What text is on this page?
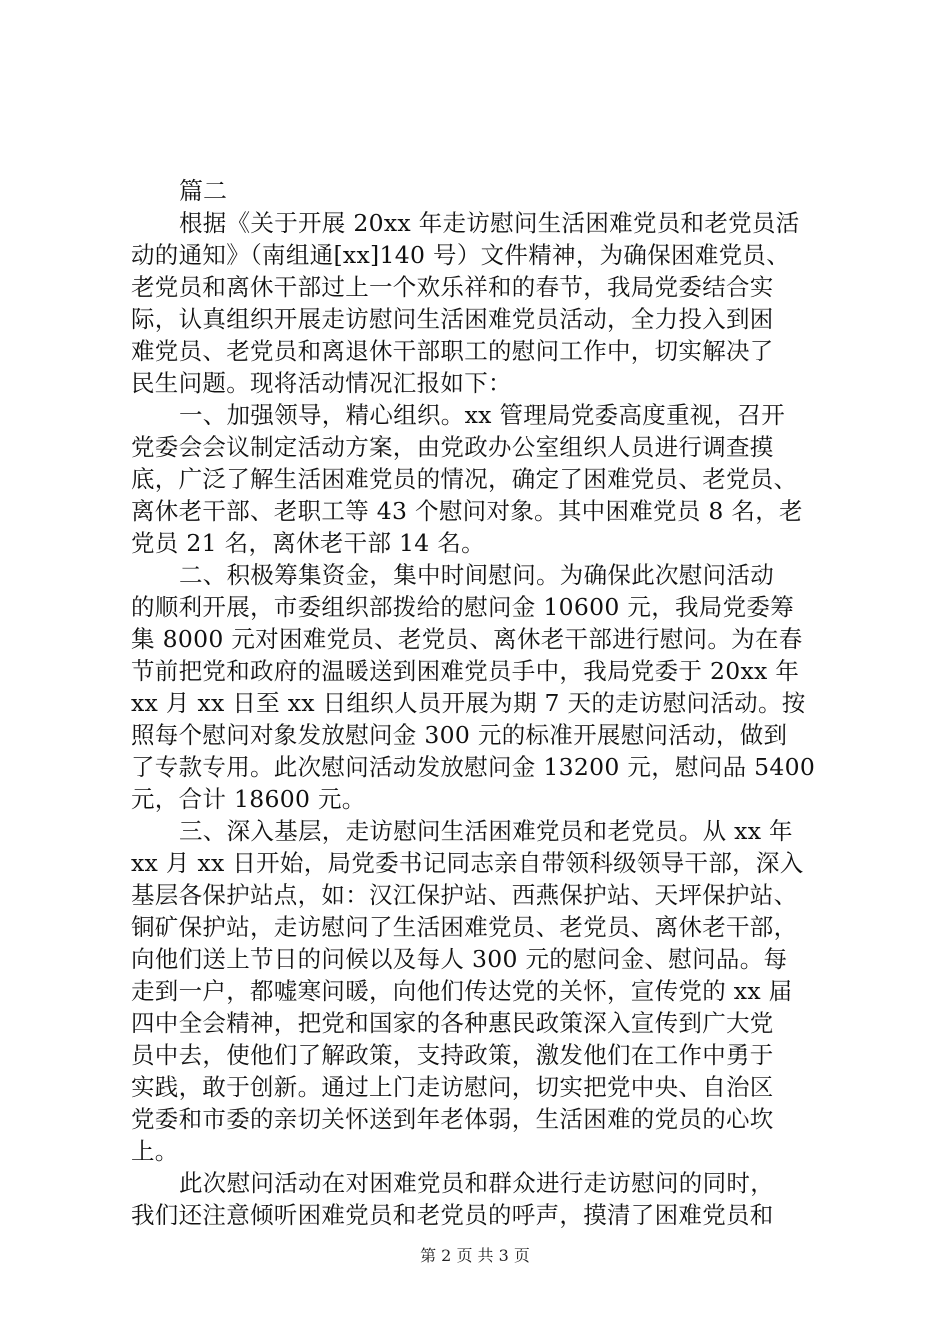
篇二
根据《关于开展 20xx 年走访慰问生活困难党员和老党员活
动的通知》（南组通[xx]140 号）文件精神，为确保困难党员、
老党员和离休干部过上一个欢乐祥和的春节，我局党委结合实
际，认真组织开展走访慰问生活困难党员活动，全力投入到困
难党员、老党员和离退休干部职工的慰问工作中，切实解决了
民生问题。现将活动情况汇报如下：
一、加强领导，精心组织。xx 管理局党委高度重视，召开
党委会会议制定活动方案，由党政办公室组织人员进行调查摸
底，广泛了解生活困难党员的情况，确定了困难党员、老党员、
离休老干部、老职工等 43 个慰问对象。其中困难党员 8 名，老
党员 21 名，离休老干部 14 名。
二、积极筹集资金，集中时间慰问。为确保此次慰问活动
的顺利开展，市委组织部拨给的慰问金 10600 元，我局党委筹
集 8000 元对困难党员、老党员、离休老干部进行慰问。为在春
节前把党和政府的温暖送到困难党员手中，我局党委于 20xx 年
xx 月 xx 日至 xx 日组织人员开展为期 7 天的走访慰问活动。按
照每个慰问对象发放慰问金 300 元的标准开展慰问活动，做到
了专款专用。此次慰问活动发放慰问金 13200 元，慰问品 5400
元，合计 18600 元。
三、深入基层，走访慰问生活困难党员和老党员。从 xx 年
xx 月 xx 日开始，局党委书记同志亲自带领科级领导干部，深入
基层各保护站点，如：汉江保护站、西燕保护站、天坪保护站、
铜矿保护站，走访慰问了生活困难党员、老党员、离休老干部，
向他们送上节日的问候以及每人 300 元的慰问金、慰问品。每
走到一户，都嘘寒问暖，向他们传达党的关怀，宣传党的 xx 届
四中全会精神，把党和国家的各种惠民政策深入宣传到广大党
员中去，使他们了解政策，支持政策，激发他们在工作中勇于
实践，敢于创新。通过上门走访慰问，切实把党中央、自治区
党委和市委的亲切关怀送到年老体弱，生活困难的党员的心坎
上。
此次慰问活动在对困难党员和群众进行走访慰问的同时，
我们还注意倾听困难党员和老党员的呼声，摸清了困难党员和
第 2 页 共 3 页
